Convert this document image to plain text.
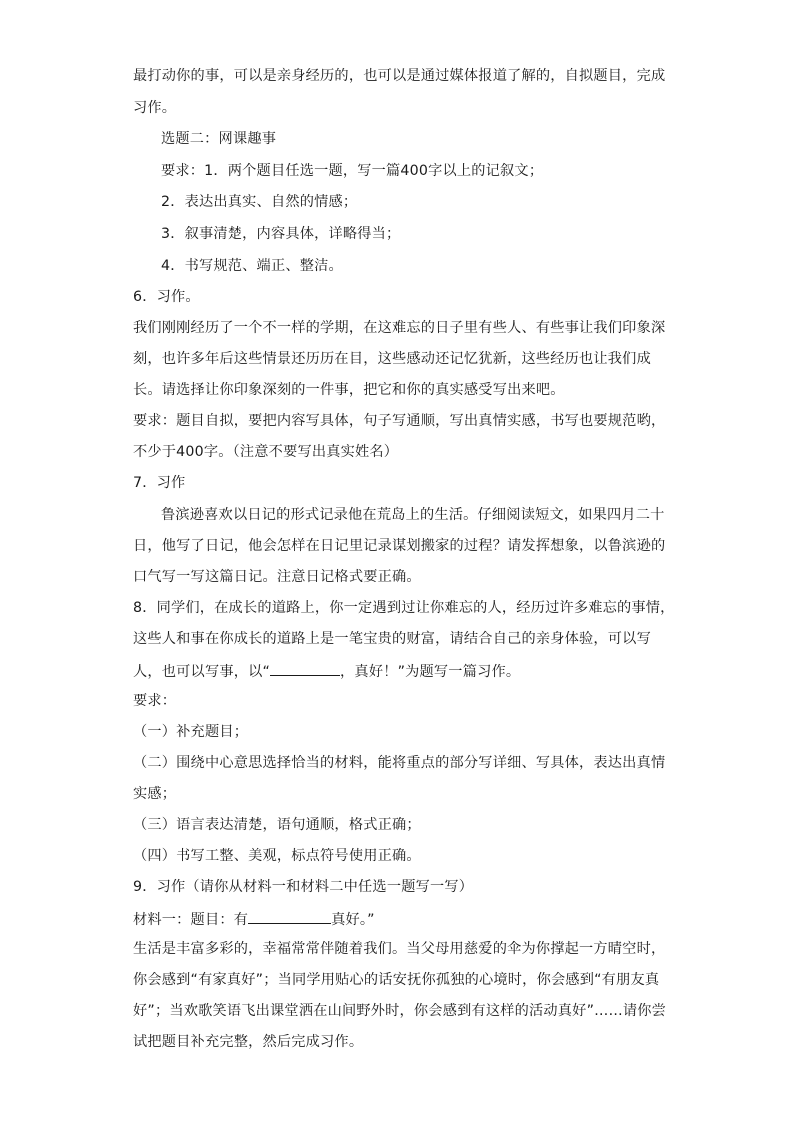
最打动你的事，可以是亲身经历的，也可以是通过媒体报道了解的，自拟题目，完成
习作。
选题二：网课趣事
要求：1．两个题目任选一题，写一篇400字以上的记叙文；
2．表达出真实、自然的情感；
3．叙事清楚，内容具体，详略得当；
4．书写规范、端正、整洁。
6．习作。
我们刚刚经历了一个不一样的学期，在这难忘的日子里有些人、有些事让我们印象深
刻，也许多年后这些情景还历历在目，这些感动还记忆犹新，这些经历也让我们成
长。请选择让你印象深刻的一件事，把它和你的真实感受写出来吧。
要求：题目自拟，要把内容写具体，句子写通顺，写出真情实感，书写也要规范哟，
不少于400字。（注意不要写出真实姓名）
7．习作
鲁滨逊喜欢以日记的形式记录他在荒岛上的生活。仔细阅读短文，如果四月二十
日，他写了日记，他会怎样在日记里记录谋划搬家的过程？请发挥想象，以鲁滨逊的
口气写一写这篇日记。注意日记格式要正确。
8．同学们，在成长的道路上，你一定遇到过让你难忘的人，经历过许多难忘的事情，
这些人和事在你成长的道路上是一笔宝贵的财富，请结合自己的亲身体验，可以写
人，也可以写事，以“	，真好！”为题写一篇习作。
要求：
（一）补充题目；
（二）围绕中心意思选择恰当的材料，能将重点的部分写详细、写具体，表达出真情
实感；
（三）语言表达清楚，语句通顺，格式正确；
（四）书写工整、美观，标点符号使用正确。
9．习作（请你从材料一和材料二中任选一题写一写）
材料一：题目：有	真好。”
生活是丰富多彩的，幸福常常伴随着我们。当父母用慈爱的伞为你撑起一方晴空时，
你会感到“有家真好”；当同学用贴心的话安抚你孤独的心境时，你会感到“有朋友真
好”；当欢歌笑语飞出课堂洒在山间野外时，你会感到有这样的活动真好”……请你尝
试把题目补充完整，然后完成习作。
